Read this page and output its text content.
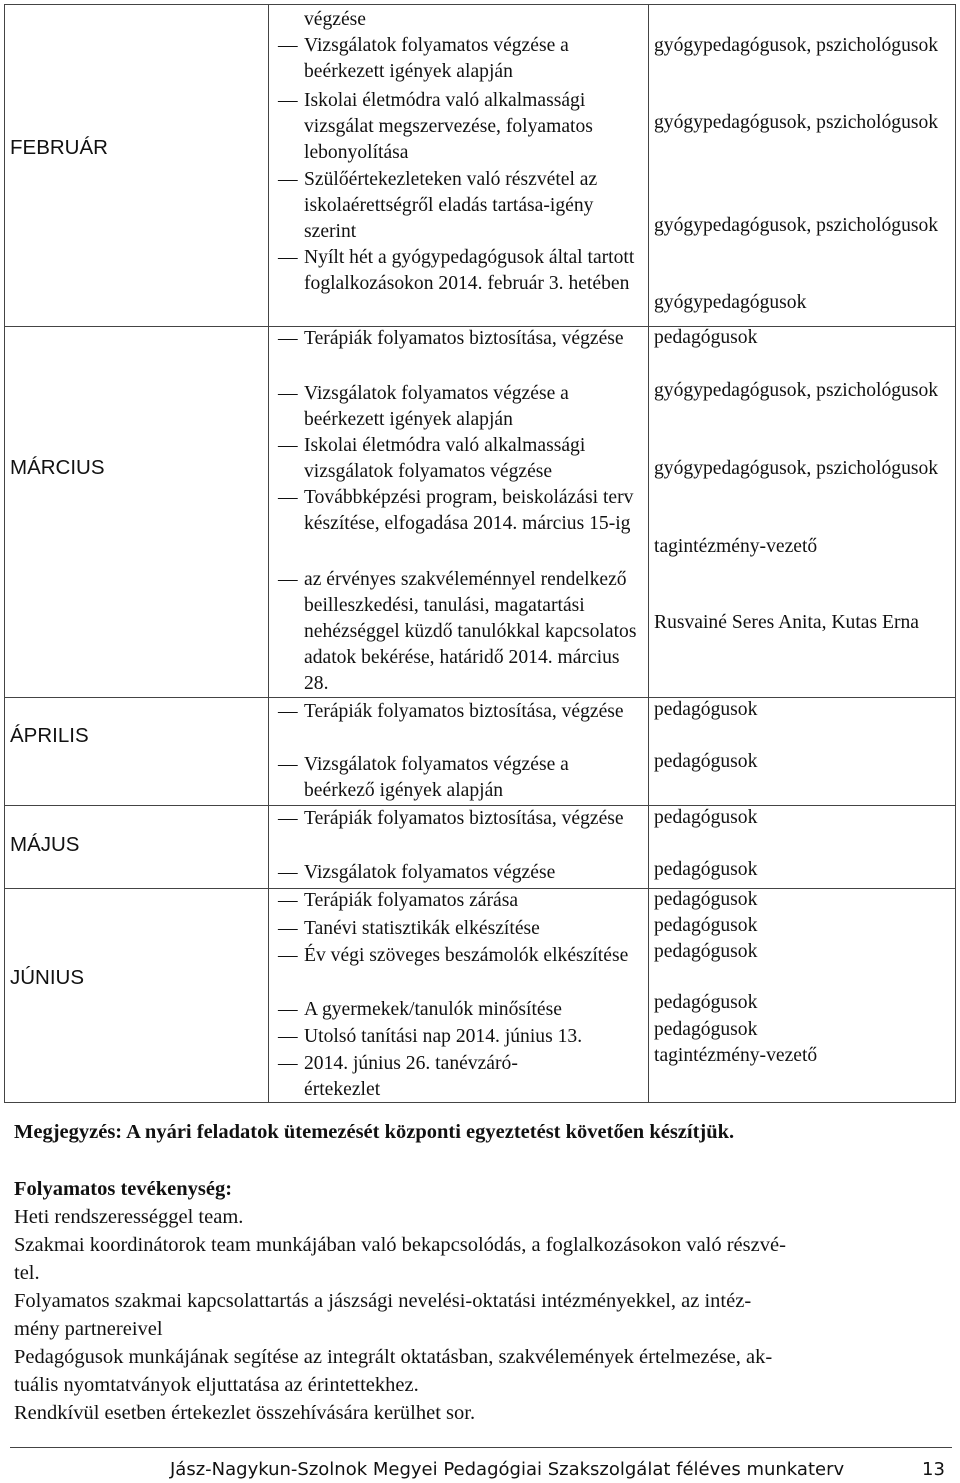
FEBRUÁR
MÁRCIUS
ÁPRILIS
MÁJUS
JÚNIUS
végzése
— Vizsgálatok folyamatos végzése a beérkezett igények alapján
— Iskolai életmódra való alkalmassági vizsgálat megszervezése, folyamatos lebonyolítása
— Szülőértekezleteken való részvétel az iskolaérettségről eladás tartása-igény szerint
— Nyílt hét a gyógypedagógusok által tartott foglalkozásokon 2014. február 3. hetében
— Terápiák folyamatos biztosítása, végzése
— Vizsgálatok folyamatos végzése a beérkezett igények alapján
— Iskolai életmódra való alkalmassági vizsgálatok folyamatos végzése
— Továbbképzési program, beiskolázási terv készítése, elfogadása 2014. március 15-ig
— az érvényes szakvéleménnyel rendelkező beilleszkedési, tanulási, magatartási nehézséggel küzdő tanulókkal kapcsolatos adatok bekérése, határidő 2014. március 28.
— Terápiák folyamatos biztosítása, végzése
— Vizsgálatok folyamatos végzése a beérkező igények alapján
— Terápiák folyamatos biztosítása, végzése
— Vizsgálatok folyamatos végzése
— Terápiák folyamatos zárása
— Tanévi statisztikák elkészítése
— Év végi szöveges beszámolók elkészítése
— A gyermekek/tanulók minősítése
— Utolsó tanítási nap 2014. június 13.
— 2014. június 26. tanévzáró-értekezlet
gyógypedagógusok, pszichológusok
gyógypedagógusok, pszichológusok
gyógypedagógusok, pszichológusok
gyógypedagógusok
pedagógusok
gyógypedagógusok, pszichológusok
gyógypedagógusok, pszichológusok
tagintézmény-vezető
Rusvainé Seres Anita, Kutas Erna
pedagógusok
pedagógusok
pedagógusok
pedagógusok
pedagógusok
pedagógusok
pedagógusok
pedagógusok
pedagógusok
tagintézmény-vezető
Megjegyzés: A nyári feladatok ütemezését központi egyeztetést követően készítjük.
Folyamatos tevékenység:
Heti rendszerességgel team.
Szakmai koordinátorok team munkájában való bekapcsolódás, a foglalkozásokon való részvé-
tel.
Folyamatos szakmai kapcsolattartás a jászsági nevelési-oktatási intézményekkel, az intéz-
mény partnereivel
Pedagógusok munkájának segítése az integrált oktatásban, szakvélemények értelmezése, ak-
tuális nyomtatványok eljuttatása az érintettekhez.
Rendkívül esetben értekezlet összehívására kerülhet sor.
Jász-Nagykun-Szolnok Megyei Pedagógiai Szakszolgálat féléves munkaterv	13
